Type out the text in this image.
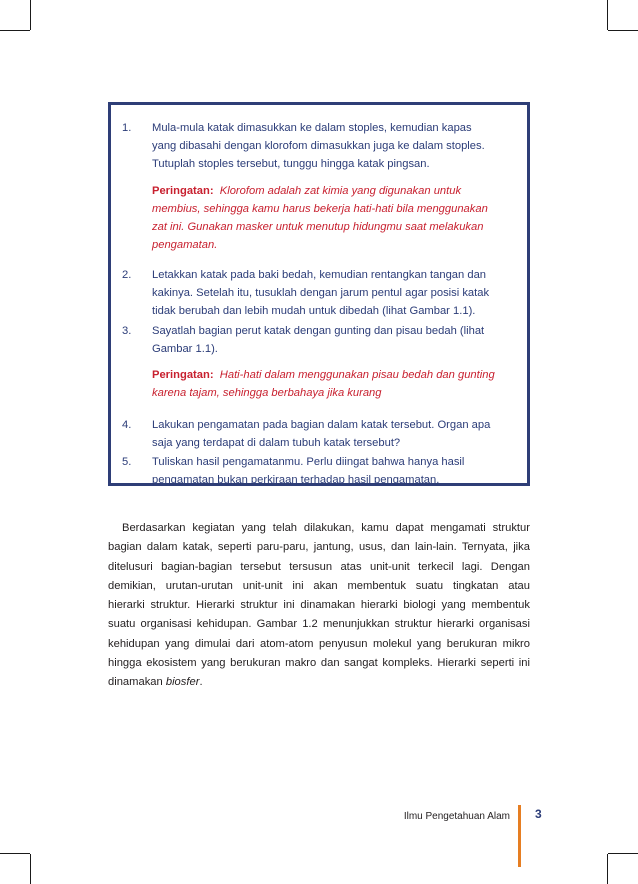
1.	Mula-mula katak dimasukkan ke dalam stoples, kemudian kapas
yang dibasahi dengan klorofom dimasukkan juga ke dalam stoples.
Tutuplah stoples tersebut, tunggu hingga katak pingsan.
Peringatan: Klorofom adalah zat kimia yang digunakan untuk
membius, sehingga kamu harus bekerja hati-hati bila menggunakan
zat ini. Gunakan masker untuk menutup hidungmu saat melakukan
pengamatan.
2.	Letakkan katak pada baki bedah, kemudian rentangkan tangan dan
kakinya. Setelah itu, tusuklah dengan jarum pentul agar posisi katak
tidak berubah dan lebih mudah untuk dibedah (lihat Gambar 1.1).
3.	Sayatlah bagian perut katak dengan gunting dan pisau bedah (lihat
Gambar 1.1).
Peringatan: Hati-hati dalam menggunakan pisau bedah dan gunting
karena tajam, sehingga berbahaya jika kurang
4.	Lakukan pengamatan pada bagian dalam katak tersebut. Organ apa
saja yang terdapat di dalam tubuh katak tersebut?
5.	Tuliskan hasil pengamatanmu. Perlu diingat bahwa hanya hasil
pengamatan bukan perkiraan terhadap hasil pengamatan.
Berdasarkan kegiatan yang telah dilakukan, kamu dapat mengamati struktur
bagian dalam katak, seperti paru-paru, jantung, usus, dan lain-lain. Ternyata, jika
ditelusuri bagian-bagian tersebut tersusun atas unit-unit terkecil lagi. Dengan
demikian, urutan-urutan unit-unit ini akan membentuk suatu tingkatan atau
hierarki struktur. Hierarki struktur ini dinamakan hierarki biologi yang membentuk
suatu organisasi kehidupan. Gambar 1.2 menunjukkan struktur hierarki organisasi
kehidupan yang dimulai dari atom-atom penyusun molekul yang berukuran mikro
hingga ekosistem yang berukuran makro dan sangat kompleks. Hierarki seperti ini
dinamakan biosfer.
Ilmu Pengetahuan Alam 3
